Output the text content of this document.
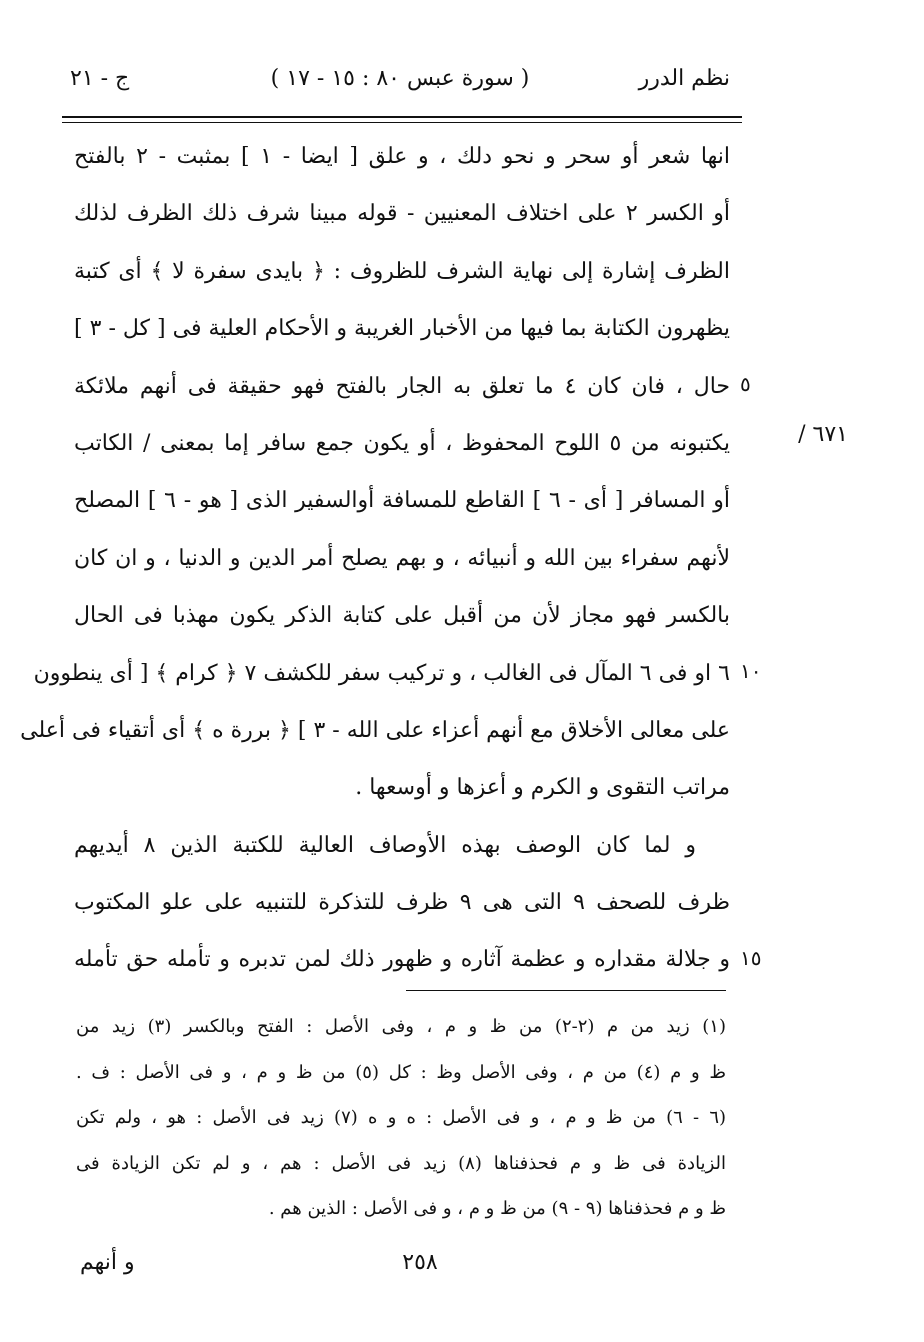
نظم الدرر
( سورة عبس ٨٠ : ١٥ - ١٧ )
ج - ٢١
٦٧١ /
انها شعر أو سحر و نحو دلك ، و علق [ ايضا - ١ ] بمثبت - ٢ بالفتح
أو الكسر ٢ على اختلاف المعنيين - قوله مبينا شرف ذلك الظرف لذلك
الظرف إشارة إلى نهاية الشرف للظروف : ﴿ بايدى سفرة لا ﴾ أى كتبة
يظهرون الكتابة بما فيها من الأخبار الغريبة و الأحكام العلية فى [ كل - ٣ ]
حال ، فان كان ٤ ما تعلق به الجار بالفتح فهو حقيقة فى أنهم ملائكة
يكتبونه من ٥ اللوح المحفوظ ، أو يكون جمع سافر إما بمعنى / الكاتب
أو المسافر [ أى - ٦ ] القاطع للمسافة أوالسفير الذى [ هو - ٦ ] المصلح
لأنهم سفراء بين الله و أنبيائه ، و بهم يصلح أمر الدين و الدنيا ، و ان كان
بالكسر فهو مجاز لأن من أقبل على كتابة الذكر يكون مهذبا فى الحال
٦ او فى ٦ المآل فى الغالب ، و تركيب سفر للكشف ٧ ﴿ كرام ﴾ [ أى ينطوون
على معالى الأخلاق مع أنهم أعزاء على الله - ٣ ] ﴿ بررة ه ﴾ أى أتقياء فى أعلى
مراتب التقوى و الكرم و أعزها و أوسعها .
و لما كان الوصف بهذه الأوصاف العالية للكتبة الذين ٨ أيديهم
ظرف للصحف ٩ التى هى ٩ ظرف للتذكرة للتنبيه على علو المكتوب
و جلالة مقداره و عظمة آثاره و ظهور ذلك لمن تدبره و تأمله حق تأمله
٥
١٠
١٥
(١) زيد من م (٢-٢) من ظ و م ، وفى الأصل : الفتح وبالكسر (٣) زيد من
ظ و م (٤) من م ، وفى الأصل وظ : كل (٥) من ظ و م ، و فى الأصل : ف .
(٦ - ٦) من ظ و م ، و فى الأصل : ه و ه (٧) زيد فى الأصل : هو ، ولم تكن
الزيادة فى ظ و م فحذفناها (٨) زيد فى الأصل : هم ، و لم تكن الزيادة فى
ظ و م فحذفناها (٩ - ٩) من ظ و م ، و فى الأصل : الذين هم .
٢٥٨
و أنهم
